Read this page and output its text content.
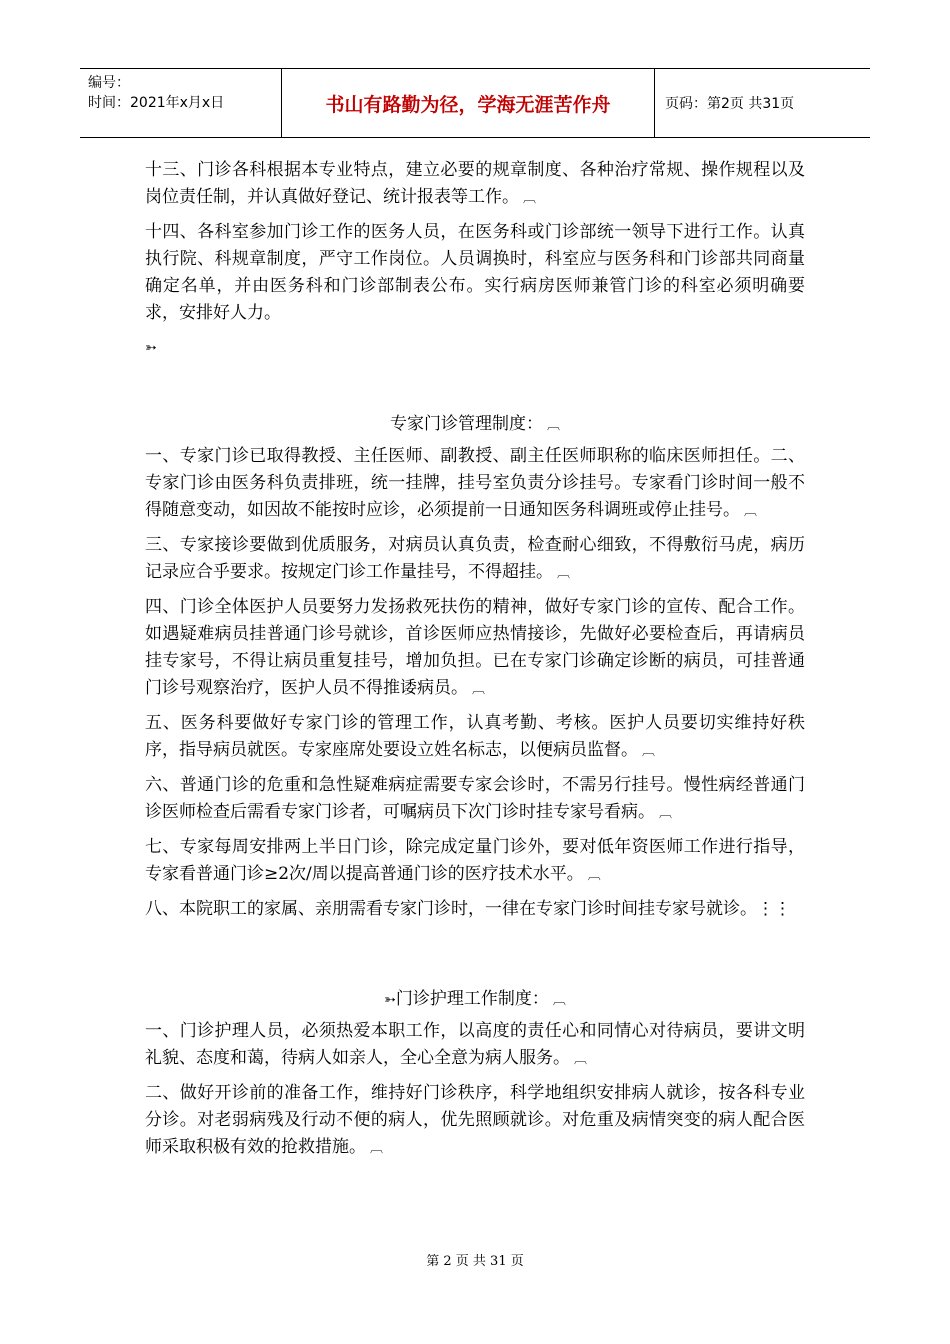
编号：
时间：2021年x月x日	书山有路勤为径，学海无涯苦作舟	页码：第2页 共31页

十三、门诊各科根据本专业特点，建立必要的规章制度、各种治疗常规、操作规程以及岗位责任制，并认真做好登记、统计报表等工作。 ︹

十四、各科室参加门诊工作的医务人员，在医务科或门诊部统一领导下进行工作。认真执行院、科规章制度，严守工作岗位。人员调换时，科室应与医务科和门诊部共同商量确定名单，并由医务科和门诊部制表公布。实行病房医师兼管门诊的科室必须明确要求，安排好人力。

➳

专家门诊管理制度： ︹

一、专家门诊已取得教授、主任医师、副教授、副主任医师职称的临床医师担任。二、专家门诊由医务科负责排班，统一挂牌，挂号室负责分诊挂号。专家看门诊时间一般不得随意变动，如因故不能按时应诊，必须提前一日通知医务科调班或停止挂号。 ︹

三、专家接诊要做到优质服务，对病员认真负责，检查耐心细致，不得敷衍马虎，病历记录应合乎要求。按规定门诊工作量挂号，不得超挂。 ︹

四、门诊全体医护人员要努力发扬救死扶伤的精神，做好专家门诊的宣传、配合工作。如遇疑难病员挂普通门诊号就诊，首诊医师应热情接诊，先做好必要检查后，再请病员挂专家号，不得让病员重复挂号，增加负担。已在专家门诊确定诊断的病员，可挂普通门诊号观察治疗，医护人员不得推诿病员。 ︹

五、医务科要做好专家门诊的管理工作，认真考勤、考核。医护人员要切实维持好秩序，指导病员就医。专家座席处要设立姓名标志，以便病员监督。 ︹

六、普通门诊的危重和急性疑难病症需要专家会诊时，不需另行挂号。慢性病经普通门诊医师检查后需看专家门诊者，可嘱病员下次门诊时挂专家号看病。 ︹

七、专家每周安排两上半日门诊，除完成定量门诊外，要对低年资医师工作进行指导，专家看普通门诊≥2次/周以提高普通门诊的医疗技术水平。 ︹

八、本院职工的家属、亲朋需看专家门诊时，一律在专家门诊时间挂专家号就诊。⋮⋮

➳门诊护理工作制度： ︹

一、门诊护理人员，必须热爱本职工作，以高度的责任心和同情心对待病员，要讲文明礼貌、态度和蔼，待病人如亲人，全心全意为病人服务。 ︹

二、做好开诊前的准备工作，维持好门诊秩序，科学地组织安排病人就诊，按各科专业分诊。对老弱病残及行动不便的病人，优先照顾就诊。对危重及病情突变的病人配合医师采取积极有效的抢救措施。 ︹

第 2 页 共 31 页
